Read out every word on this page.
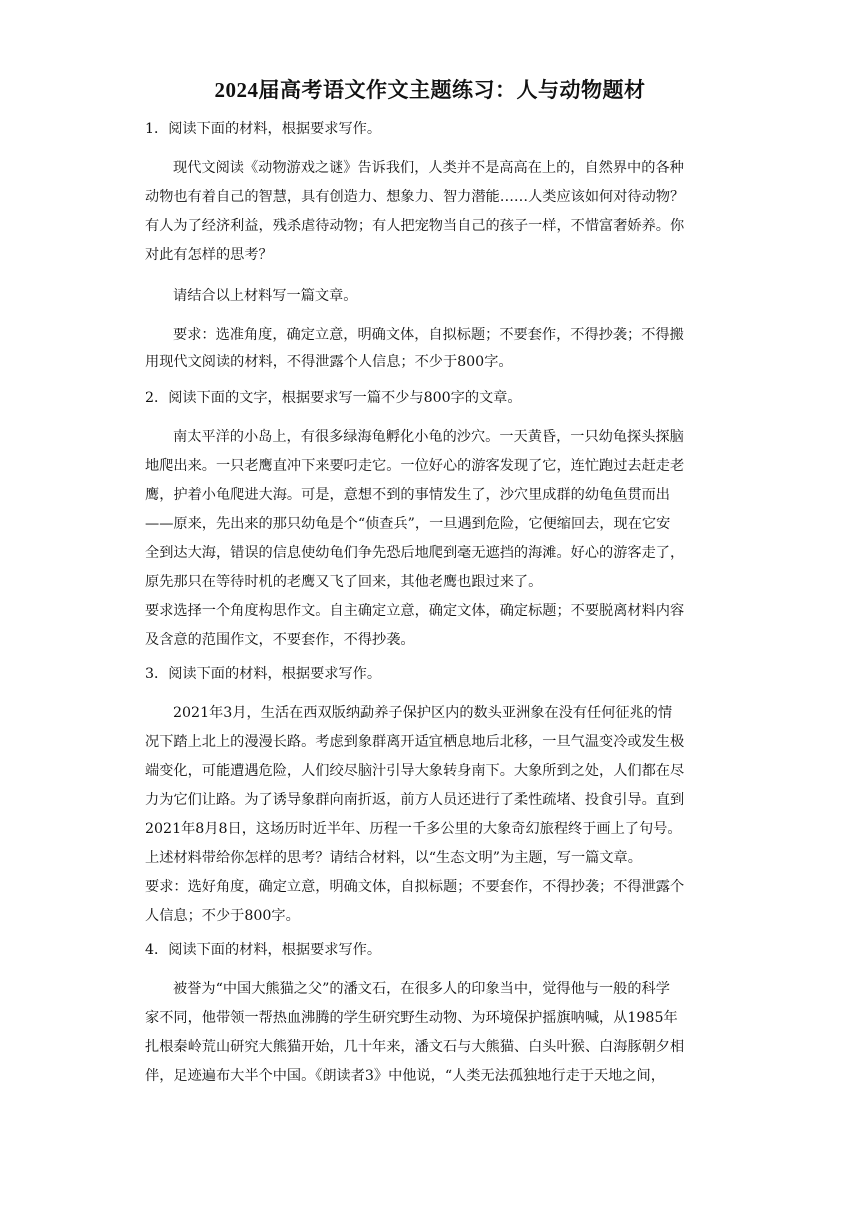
2024届高考语文作文主题练习：人与动物题材
1．阅读下面的材料，根据要求写作。
现代文阅读《动物游戏之谜》告诉我们，人类并不是高高在上的，自然界中的各种
动物也有着自己的智慧，具有创造力、想象力、智力潜能……人类应该如何对待动物？
有人为了经济利益，残杀虐待动物；有人把宠物当自己的孩子一样，不惜富奢娇养。你
对此有怎样的思考？
请结合以上材料写一篇文章。
要求：选准角度，确定立意，明确文体，自拟标题；不要套作，不得抄袭；不得搬
用现代文阅读的材料，不得泄露个人信息；不少于800字。
2．阅读下面的文字，根据要求写一篇不少与800字的文章。
南太平洋的小岛上，有很多绿海龟孵化小龟的沙穴。一天黄昏，一只幼龟探头探脑
地爬出来。一只老鹰直冲下来要叼走它。一位好心的游客发现了它，连忙跑过去赶走老
鹰，护着小龟爬进大海。可是，意想不到的事情发生了，沙穴里成群的幼龟鱼贯而出
——原来，先出来的那只幼龟是个“侦查兵”，一旦遇到危险，它便缩回去，现在它安
全到达大海，错误的信息使幼龟们争先恐后地爬到毫无遮挡的海滩。好心的游客走了，
原先那只在等待时机的老鹰又飞了回来，其他老鹰也跟过来了。
要求选择一个角度构思作文。自主确定立意，确定文体，确定标题；不要脱离材料内容
及含意的范围作文，不要套作，不得抄袭。
3．阅读下面的材料，根据要求写作。
2021年3月，生活在西双版纳勐养子保护区内的数头亚洲象在没有任何征兆的情
况下踏上北上的漫漫长路。考虑到象群离开适宜栖息地后北移，一旦气温变冷或发生极
端变化，可能遭遇危险，人们绞尽脑汁引导大象转身南下。大象所到之处，人们都在尽
力为它们让路。为了诱导象群向南折返，前方人员还进行了柔性疏堵、投食引导。直到
2021年8月8日，这场历时近半年、历程一千多公里的大象奇幻旅程终于画上了句号。
上述材料带给你怎样的思考？请结合材料，以“生态文明”为主题，写一篇文章。
要求：选好角度，确定立意，明确文体，自拟标题；不要套作，不得抄袭；不得泄露个
人信息；不少于800字。
4．阅读下面的材料，根据要求写作。
被誉为“中国大熊猫之父”的潘文石，在很多人的印象当中，觉得他与一般的科学
家不同，他带领一帮热血沸腾的学生研究野生动物、为环境保护摇旗呐喊，从1985年
扎根秦岭荒山研究大熊猫开始，几十年来，潘文石与大熊猫、白头叶猴、白海豚朝夕相
伴，足迹遍布大半个中国。《朗读者3》中他说，“人类无法孤独地行走于天地之间，
